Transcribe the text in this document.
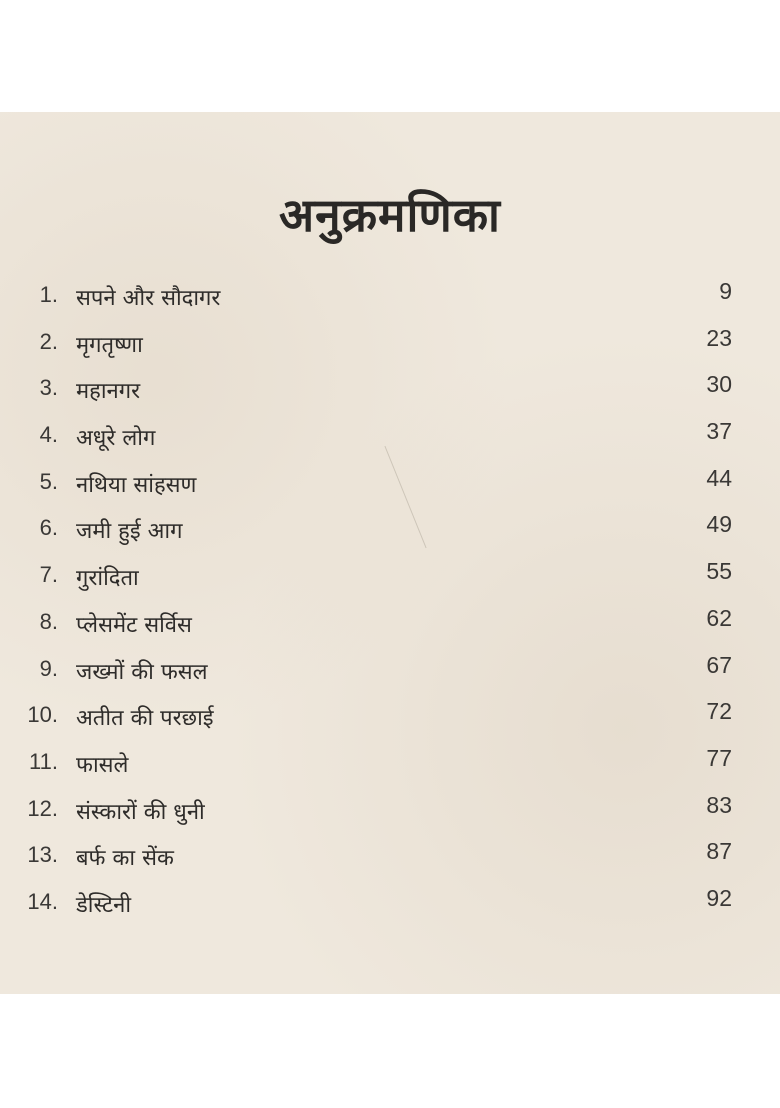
अनुक्रमणिका
1. सपने और सौदागर	9
2. मृगतृष्णा	23
3. महानगर	30
4. अधूरे लोग	37
5. नथिया सांहसण	44
6. जमी हुई आग	49
7. गुरांदिता	55
8. प्लेसमेंट सर्विस	62
9. जख्मों की फसल	67
10. अतीत की परछाई	72
11. फासले	77
12. संस्कारों की धुनी	83
13. बर्फ का सेंक	87
14. डेस्टिनी	92
